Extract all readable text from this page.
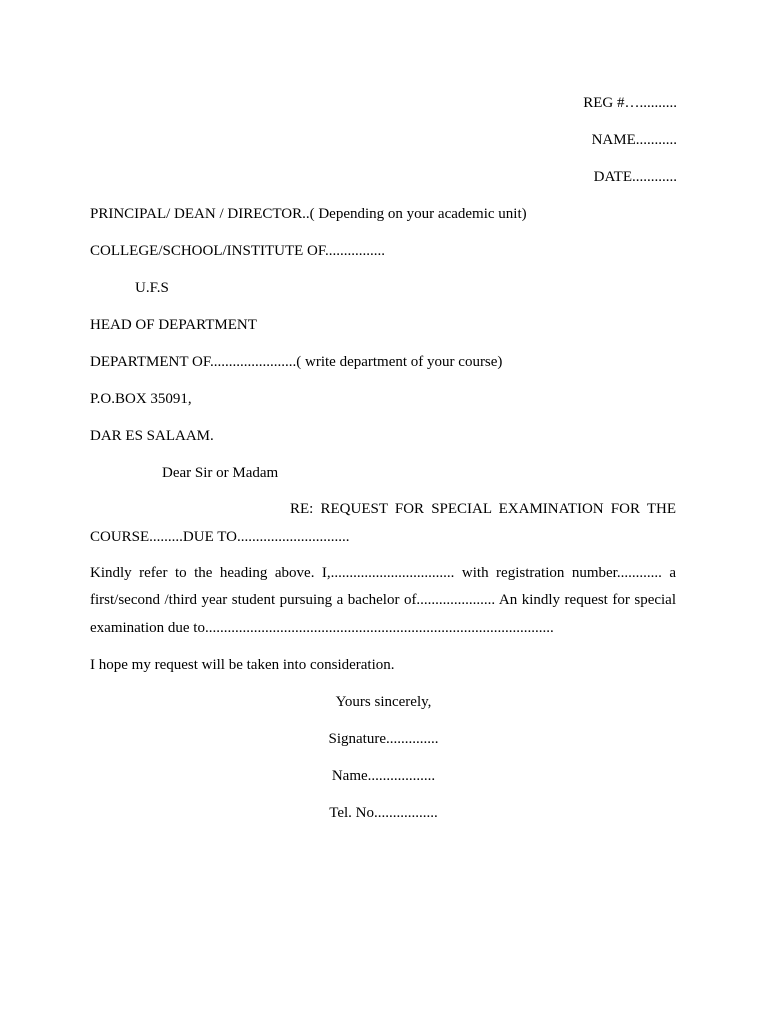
REG #…..........
NAME...........
DATE............
PRINCIPAL/ DEAN / DIRECTOR..( Depending on your academic unit)
COLLEGE/SCHOOL/INSTITUTE OF................
U.F.S
HEAD OF DEPARTMENT
DEPARTMENT OF.......................( write department of your course)
P.O.BOX 35091,
DAR ES SALAAM.
Dear Sir or Madam
RE: REQUEST FOR SPECIAL EXAMINATION FOR THE
COURSE.........DUE TO..............................
Kindly refer to the heading above. I,................................. with registration number............ a
first/second /third year student pursuing a bachelor of..................... An kindly request for special
examination due to.............................................................................................
I hope my request will be taken into consideration.
Yours sincerely,
Signature..............
Name..................
Tel. No.................
